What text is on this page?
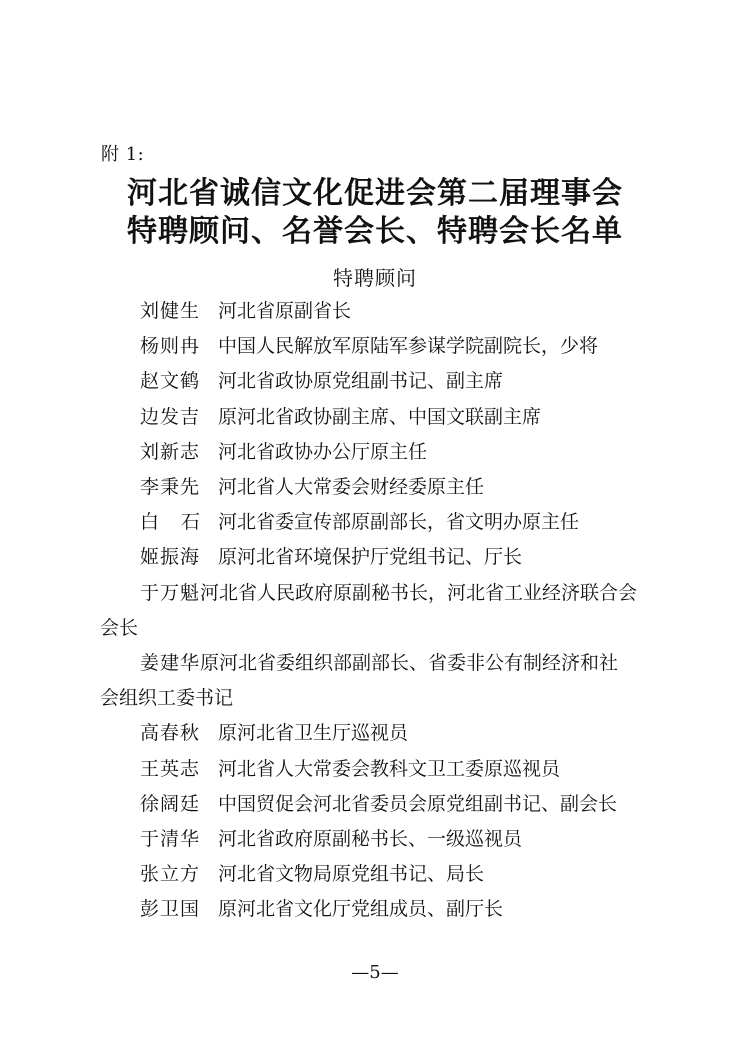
附 1:
河北省诚信文化促进会第二届理事会
特聘顾问、名誉会长、特聘会长名单
特聘顾问
刘健生 河北省原副省长
杨则冉 中国人民解放军原陆军参谋学院副院长，少将
赵文鹤 河北省政协原党组副书记、副主席
边发吉 原河北省政协副主席、中国文联副主席
刘新志 河北省政协办公厅原主任
李秉先 河北省人大常委会财经委原主任
白石河北省委宣传部原副部长，省文明办原主任
姬振海 原河北省环境保护厅党组书记、厅长
于万魁河北省人民政府原副秘书长，河北省工业经济联合会
会长
姜建华原河北省委组织部副部长、省委非公有制经济和社
会组织工委书记
高春秋 原河北省卫生厅巡视员
王英志 河北省人大常委会教科文卫工委原巡视员
徐阔廷 中国贸促会河北省委员会原党组副书记、副会长
于清华 河北省政府原副秘书长、一级巡视员
张立方 河北省文物局原党组书记、局长
彭卫国 原河北省文化厅党组成员、副厅长
—5—
